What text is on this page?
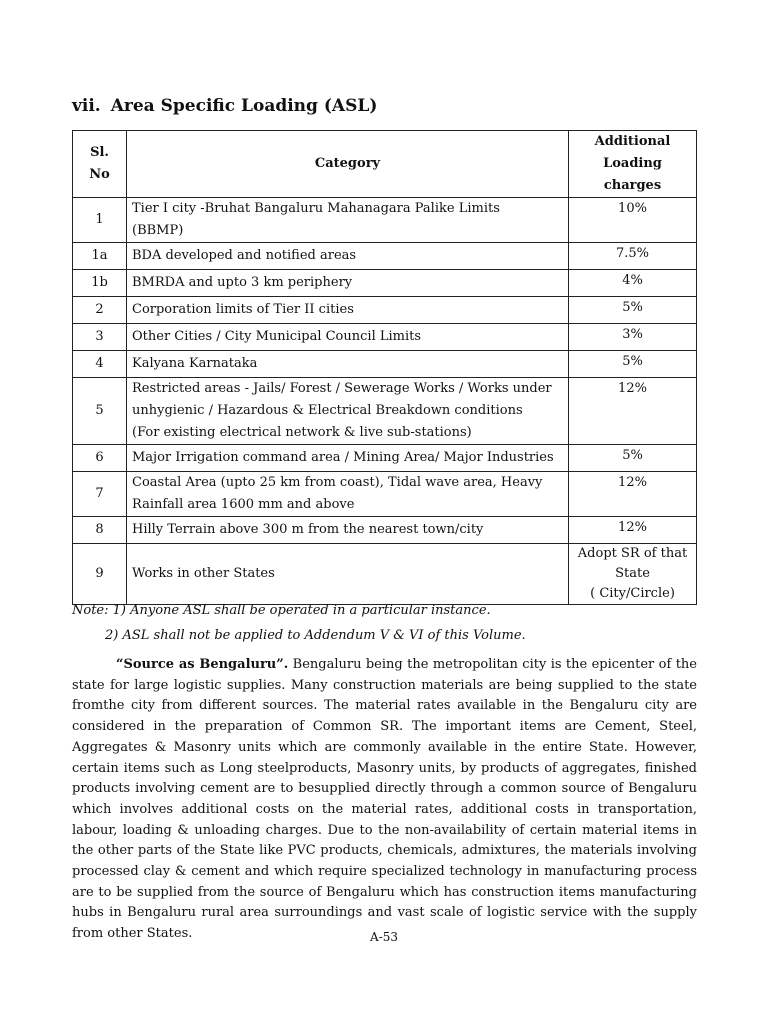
vii. Area Specific Loading (ASL)
Sl. No	Category	Additional
Loading charges

1	Tier I city -Bruhat Bangaluru Mahanagara Palike Limits
(BBMP)	10%

1a	BDA developed and notified areas	7.5%

1b	BMRDA and upto 3 km periphery	4%

2	Corporation limits of Tier II cities	5%

3	Other Cities / City Municipal Council Limits	3%

4	Kalyana Karnataka	5%

5	Restricted areas - Jails/ Forest / Sewerage Works / Works under
unhygienic / Hazardous & Electrical Breakdown conditions
(For existing electrical network & live sub-stations)	12%

6	Major Irrigation command area / Mining Area/ Major Industries	5%

7	Coastal Area (upto 25 km from coast), Tidal wave area, Heavy
Rainfall area 1600 mm and above	12%

8	Hilly Terrain above 300 m from the nearest town/city	12%

9	Works in other States	Adopt SR of that
State
( City/Circle)
Note: 1) Anyone ASL shall be operated in a particular instance.
2) ASL shall not be applied to Addendum V & VI of this Volume.
“Source as Bengaluru”. Bengaluru being the metropolitan city is the epicenter of the state for large logistic supplies. Many construction materials are being supplied to the state fromthe city from different sources. The material rates available in the Bengaluru city are considered in the preparation of Common SR. The important items are Cement, Steel, Aggregates & Masonry units which are commonly available in the entire State. However, certain items such as Long steelproducts, Masonry units, by products of aggregates, finished products involving cement are to besupplied directly through a common source of Bengaluru which involves additional costs on the material rates, additional costs in transportation, labour, loading & unloading charges. Due to the non-availability of certain material items in the other parts of the State like PVC products, chemicals, admixtures, the materials involving processed clay & cement and which require specialized technology in manufacturing process are to be supplied from the source of Bengaluru which has construction items manufacturing hubs in Bengaluru rural area surroundings and vast scale of logistic service with the supply from other States.	A-53
